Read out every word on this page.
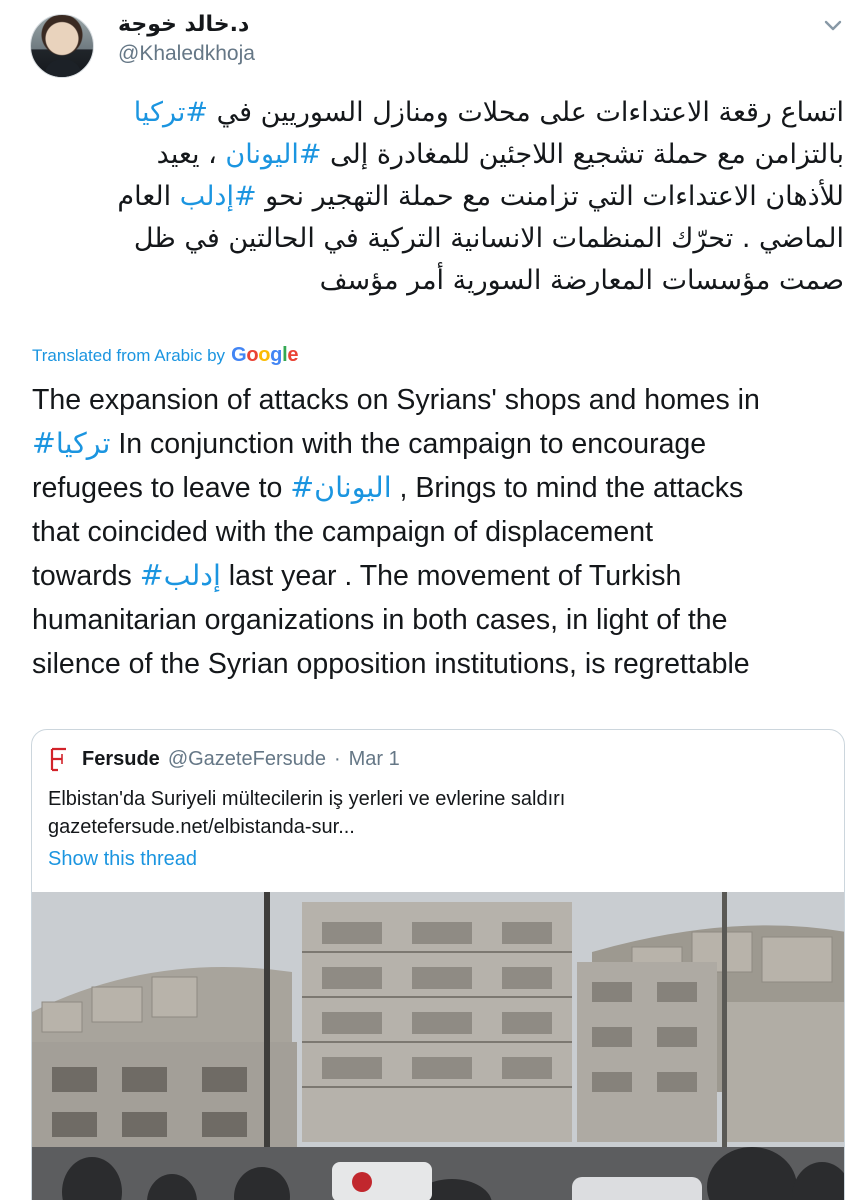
د.خالد خوجة
@Khaledkhoja
اتساع رقعة الاعتداءات على محلات ومنازل السوريين في #تركيا
بالتزامن مع حملة تشجيع اللاجئين للمغادرة إلى #اليونان ، يعيد
للأذهان الاعتداءات التي تزامنت مع حملة التهجير نحو #إدلب العام
الماضي . تحرّك المنظمات الانسانية التركية في الحالتين في ظل
صمت مؤسسات المعارضة السورية أمر مؤسف
Translated from Arabic by Google
The expansion of attacks on Syrians' shops and homes in
#تركيا In conjunction with the campaign to encourage
refugees to leave to #اليونان , Brings to mind the attacks
that coincided with the campaign of displacement
towards #إدلب last year . The movement of Turkish
humanitarian organizations in both cases, in light of the
silence of the Syrian opposition institutions, is regrettable
Fersude @GazeteFersude · Mar 1
Elbistan'da Suriyeli mültecilerin iş yerleri ve evlerine saldırı
gazetefersude.net/elbistanda-sur...
Show this thread
